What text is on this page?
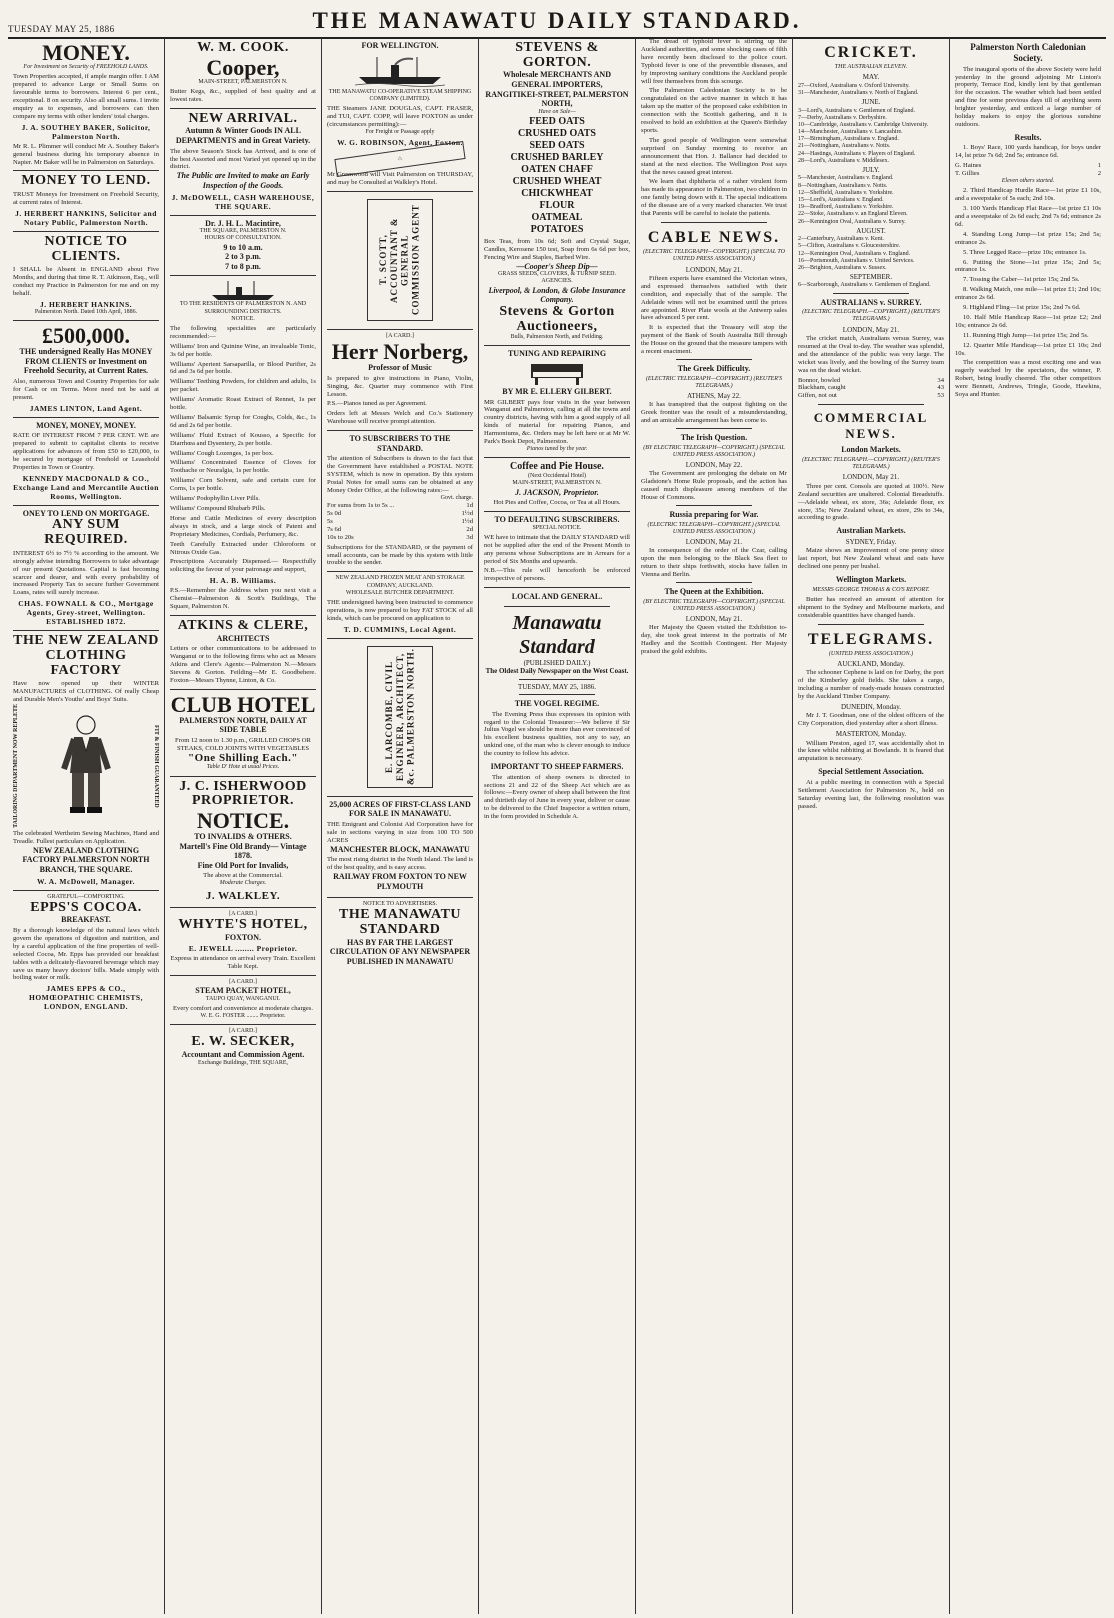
TUESDAY MAY 25, 1886	THE MANAWATU DAILY STANDARD.
MONEY.
For Investment on Security of FREEHOLD LANDS.
Town Properties accepted, if ample margin offer. I AM prepared to advance Large or Small Sums on favourable terms to borrowers. Interest 6 per cent., exceptional. 8 on security. Also all small sums. I invite enquiry as to expenses, and borrowers can then compare my terms with other lenders' total charges.
J. A. SOUTHEY BAKER, Solicitor, Palmerston North.
Mr R. L. Plimmer will conduct Mr A. Southey Baker's general business during his temporary absence in Napier. Mr Baker will be in Palmerston on Saturdays.
MONEY TO LEND.
TRUST Moneys for Investment on Freehold Security, at current rates of Interest.
J. HERBERT HANKINS, Solicitor and Notary Public, Palmerston North.
NOTICE TO CLIENTS.
I SHALL be Absent in ENGLAND about Five Months, and during that time R. T. Atkinson, Esq., will conduct my Practice in Palmerston for me and on my behalf.
J. HERBERT HANKINS.
Palmerston North. Dated 10th April, 1886.
£500,000.
THE undersigned Really Has MONEY FROM CLIENTS or Investment on Freehold Security, at Current Rates.
Also, numerous Town and Country Properties for sale for Cash or on Terms. More need not be said at present.
JAMES LINTON, Land Agent.
MONEY, MONEY, MONEY.
RATE OF INTEREST FROM 7 PER CENT. WE are prepared to submit to capitalist clients to receive applications for advances of from £50 to £20,000, to be secured by mortgage of Freehold or Leasehold Properties in Town or Country.
KENNEDY MACDONALD & CO., Exchange Land and Mercantile Auction Rooms, Wellington.
ONEY TO LEND ON MORTGAGE.
ANY SUM REQUIRED.
INTEREST 6½ to 7½ % according to the amount. We strongly advise intending Borrowers to take advantage of our present Quotations. Capital is fast becoming scarcer and dearer, and with every probability of increased Property Tax to secure further Government Loans, rates will surely increase.
CHAS. FOWNALL & CO., Mortgage Agents, Grey-street, Wellington. ESTABLISHED 1872.
THE NEW ZEALAND CLOTHING FACTORY
Have now opened up their WINTER MANUFACTURES of CLOTHING. Of really Cheap and Durable Men's Youths' and Boys' Suits.
TAILORING DEPARTMENT NOW REPLETE	FIT & FINISH GUARANTEED
The celebrated Wertheim Sewing Machines, Hand and Treadle. Fullest particulars on Application.
NEW ZEALAND CLOTHING FACTORY PALMERSTON NORTH BRANCH, THE SQUARE.
W. A. McDowell, Manager.
GRATEFUL—COMFORTING.
EPPS'S COCOA.
BREAKFAST.
By a thorough knowledge of the natural laws which govern the operations of digestion and nutrition, and by a careful application of the fine properties of well-selected Cocoa, Mr. Epps has provided our breakfast tables with a delicately-flavoured beverage which may save us many heavy doctors' bills. Made simply with boiling water or milk.
JAMES EPPS & CO., HOMŒOPATHIC CHEMISTS, LONDON, ENGLAND.
W. M. COOK.
Cooper,
MAIN-STREET, PALMERSTON N.
Butter Kegs, &c., supplied of best quality and at lowest rates.
NEW ARRIVAL.
Autumn & Winter Goods IN ALL DEPARTMENTS and in Great Variety.
The above Season's Stock has Arrived, and is one of the best Assorted and most Varied yet opened up in the district.
The Public are Invited to make an Early Inspection of the Goods.
J. McDOWELL, CASH WAREHOUSE, THE SQUARE.
Dr. J. H. L. Macintire,
THE SQUARE, PALMERSTON N.
HOURS OF CONSULTATION.
9 to 10 a.m.
2 to 3 p.m.
7 to 8 p.m.
TO THE RESIDENTS OF PALMERSTON N. AND SURROUNDING DISTRICTS.
NOTICE.
The following specialities are particularly recommended:—
Williams' Iron and Quinine Wine, an invaluable Tonic, 3s 6d per bottle.
Williams' Aperient Sarsaparilla, or Blood Purifier, 2s 6d and 3s 6d per bottle.
Williams' Teething Powders, for children and adults, 1s per packet.
Williams' Aromatic Roast Extract of Rennet, 1s per bottle.
Williams' Balsamic Syrup for Coughs, Colds, &c., 1s 6d and 2s 6d per bottle.
Williams' Fluid Extract of Kousso, a Specific for Diarrhœa and Dysentery, 2s per bottle.
Williams' Cough Lozenges, 1s per box.
Williams' Concentrated Essence of Cloves for Toothache or Neuralgia, 1s per bottle.
Williams' Corn Solvent, safe and certain cure for Corns, 1s per bottle.
Williams' Podophyllin Liver Pills.
Williams' Compound Rhubarb Pills.
Horse and Cattle Medicines of every description always in stock, and a large stock of Patent and Proprietary Medicines, Cordials, Perfumery, &c.
Teeth Carefully Extracted under Chloroform or Nitrous Oxide Gas.
Prescriptions Accurately Dispensed.— Respectfully soliciting the favour of your patronage and support,
H. A. B. Williams.
P.S.—Remember the Address when you next visit a Chemist—Palmerston & Scott's Buildings, The Square, Palmerston N.
ATKINS & CLERE,
ARCHITECTS
Letters or other communications to be addressed to Wanganui or to the following firms who act as Messrs Atkins and Clere's Agents:—Palmerston N.—Messrs Stevens & Gorton. Feilding—Mr E. Goodbehere. Foxton—Messrs Thynne, Linton, & Co.
CLUB HOTEL
PALMERSTON NORTH, DAILY AT SIDE TABLE
From 12 noon to 1.30 p.m., GRILLED CHOPS OR STEAKS, COLD JOINTS WITH VEGETABLES
"One Shilling Each."
Table D' Hote at usual Prices.
J. C. ISHERWOOD PROPRIETOR.
NOTICE.
TO INVALIDS & OTHERS.
Martell's Fine Old Brandy— Vintage 1878.
Fine Old Port for Invalids,
The above at the Commercial.
Moderate Charges.
J. WALKLEY.
[A CARD.]
WHYTE'S HOTEL,
FOXTON.
E. JEWELL ........ Proprietor.
Express in attendance on arrival every Train. Excellent Table Kept.
[A CARD.]
STEAM PACKET HOTEL,
TAUPO QUAY, WANGANUI.
Every comfort and convenience at moderate charges.
W. E. G. FOSTER ........ Proprietor.
[A CARD.]
E. W. SECKER,
Accountant and Commission Agent.
Exchange Buildings, THE SQUARE,
FOR WELLINGTON.
THE MANAWATU CO-OPERATIVE STEAM SHIPPING COMPANY (LIMITED).
THE Steamers JANE DOUGLAS, CAPT. FRASER, and TUI, CAPT. COPP, will leave FOXTON as under (circumstances permitting):—
For Freight or Passage apply
W. G. ROBINSON, Agent, Foxton.
⌂
Mr Greenwood will Visit Palmerston on THURSDAY, and may be Consulted at Walkley's Hotel.
T. SCOTT, ACCOUNTANT & GENERAL COMMISSION AGENT
[A CARD.]
Herr Norberg,
Professor of Music
Is prepared to give instructions in Piano, Violin, Singing, &c. Quarter may commence with First Lesson.
P.S.—Pianos tuned as per Agreement.
Orders left at Messrs Welch and Co.'s Stationery Warehouse will receive prompt attention.
TO SUBSCRIBERS TO THE STANDARD.
The attention of Subscribers is drawn to the fact that the Government have established a POSTAL NOTE SYSTEM, which is now in operation. By this system Postal Notes for small sums can be obtained at any Money Order Office, at the following rates:—
Govt. charge.
For sums from 1s to 5s ...	1d
5s 0d	1½d
5s	1½d
7s 6d	2d
10s to 20s	3d
Subscriptions for the STANDARD, or the payment of small accounts, can be made by this system with little trouble to the sender.
NEW ZEALAND FROZEN MEAT AND STORAGE COMPANY, AUCKLAND.
WHOLESALE BUTCHER DEPARTMENT.
THE undersigned having been instructed to commence operations, is now prepared to buy FAT STOCK of all kinds, which can be procured on application to
T. D. CUMMINS, Local Agent.
E. LARCOMBE, CIVIL ENGINEER, ARCHITECT, &c. PALMERSTON NORTH.
25,000 ACRES OF FIRST-CLASS LAND FOR SALE IN MANAWATU.
THE Emigrant and Colonist Aid Corporation have for sale in sections varying in size from 100 TO 500 ACRES
MANCHESTER BLOCK, MANAWATU
The most rising district in the North Island. The land is of the best quality, and is easy access.
RAILWAY FROM FOXTON TO NEW PLYMOUTH
NOTICE TO ADVERTISERS.
THE MANAWATU STANDARD
HAS BY FAR THE LARGEST CIRCULATION OF ANY NEWSPAPER PUBLISHED IN MANAWATU
STEVENS & GORTON.
Wholesale MERCHANTS AND GENERAL IMPORTERS,
RANGITIKEI-STREET, PALMERSTON NORTH,
Have on Sale—
FEED OATS
CRUSHED OATS
SEED OATS
CRUSHED BARLEY
OATEN CHAFF
CRUSHED WHEAT
CHICKWHEAT
FLOUR
OATMEAL
POTATOES
Box Teas, from 10s 6d; Soft and Crystal Sugar, Candles, Kerosene 150 test, Soap from 6s 6d per box, Fencing Wire and Staples, Barbed Wire.
—Cooper's Sheep Dip—
GRASS SEEDS, CLOVERS, & TURNIP SEED.
AGENCIES.
Liverpool, & London, & Globe Insurance Company.
Stevens & Gorton Auctioneers,
Bulls, Palmerston North, and Feilding.
TUNING AND REPAIRING
BY MR E. ELLERY GILBERT.
MR GILBERT pays four visits in the year between Wanganui and Palmerston, calling at all the towns and country districts, having with him a good supply of all kinds of material for repairing Pianos, and Harmoniums, &c. Orders may be left here or at Mr W. Park's Book Depot, Palmerston.
Pianos tuned by the year.
Coffee and Pie House.
(Next Occidental Hotel)
MAIN-STREET, PALMERSTON N.
J. JACKSON, Proprietor.
Hot Pies and Coffee, Cocoa, or Tea at all Hours.
TO DEFAULTING SUBSCRIBERS.
SPECIAL NOTICE.
WE have to intimate that the DAILY STANDARD will not be supplied after the end of the Present Month to any persons whose Subscriptions are in Arrears for a period of Six Months and upwards.
N.B.—This rule will henceforth be enforced irrespective of persons.
LOCAL AND GENERAL.
Manawatu Standard
(PUBLISHED DAILY.)
The Oldest Daily Newspaper on the West Coast.
TUESDAY, MAY 25, 1886.
THE VOGEL REGIME.

The Evening Press thus expresses its opinion with regard to the Colonial Treasurer:—We believe if Sir Julius Vogel we should be more than ever convinced of his excellent business qualities, not any to say, an unkind one, of the man who is clever enough to induce the country to follow his advice.

IMPORTANT TO SHEEP FARMERS.

The attention of sheep owners is directed to sections 21 and 22 of the Sheep Act which are as follows:—Every owner of sheep shall between the first and thirtieth day of June in every year, deliver or cause to be delivered to the Chief Inspector a written return, in the form provided in Schedule A.

The dread of typhoid fever is stirring up the Auckland authorities, and some shocking cases of filth have recently been disclosed to the police court. Typhoid fever is one of the preventible diseases, and by improving sanitary conditions the Auckland people will free themselves from this scourge.

The Palmerston Caledonian Society is to be congratulated on the active manner in which it has taken up the matter of the proposed cake exhibition in connection with the Scottish gathering, and it is resolved to hold an exhibition at the Queen's Birthday sports.

The good people of Wellington were somewhat surprised on Sunday morning to receive an announcement that Hon. J. Ballance had decided to stand at the next election. The Wellington Post says that the news caused great interest.

We learn that diphtheria of a rather virulent form has made its appearance in Palmerston, two children in one family being down with it. The special indications of the disease are of a very marked character. We trust that Parents will be careful to isolate the patients.

CABLE NEWS.
(ELECTRIC TELEGRAPH—COPYRIGHT.) (SPECIAL TO UNITED PRESS ASSOCIATION.)
LONDON, May 21.

Fifteen experts have examined the Victorian wines, and expressed themselves satisfied with their condition, and especially that of the sample. The Adelaide wines will not be examined until the prices are appointed. River Plate wools at the Antwerp sales have advanced 5 per cent.

It is expected that the Treasury will stop the payment of the Bank of South Australia Bill through the House on the ground that the measure tampers with a recent enactment.

The Greek Difficulty.
(ELECTRIC TELEGRAPH—COPYRIGHT.) (REUTER'S TELEGRAMS.)
ATHENS, May 22.

It has transpired that the outpost fighting on the Greek frontier was the result of a misunderstanding, and an amicable arrangement has been come to.

The Irish Question.
(BY ELECTRIC TELEGRAPH—COPYRIGHT.) (SPECIAL UNITED PRESS ASSOCIATION.)
LONDON, May 22.

The Government are prolonging the debate on Mr Gladstone's Home Rule proposals, and the action has caused much displeasure among members of the House of Commons.

Russia preparing for War.
(ELECTRIC TELEGRAPH—COPYRIGHT.) (SPECIAL UNITED PRESS ASSOCIATION.)
LONDON, May 21.

In consequence of the order of the Czar, calling upon the men belonging to the Black Sea fleet to return to their ships forthwith, stocks have fallen in Vienna and Berlin.

The Queen at the Exhibition.
(BY ELECTRIC TELEGRAPH—COPYRIGHT.) (SPECIAL UNITED PRESS ASSOCIATION.)
LONDON, May 21.

Her Majesty the Queen visited the Exhibition to-day, she took great interest in the portraits of Mr Hadley and the Scottish Contingent. Her Majesty praised the gold exhibits.

CRICKET.
THE AUSTRALIAN ELEVEN.
MAY.
27—Oxford, Australians v. Oxford University.
31—Manchester, Australians v. North of England.
JUNE.
3—Lord's, Australians v. Gentlemen of England.
7—Derby, Australians v. Derbyshire.
10—Cambridge, Australians v. Cambridge University.
14—Manchester, Australians v. Lancashire.
17—Birmingham, Australians v. England.
21—Nottingham, Australians v. Notts.
24—Hastings, Australians v. Players of England.
28—Lord's, Australians v. Middlesex.
JULY.
5—Manchester, Australians v. England.
8—Nottingham, Australians v. Notts.
12—Sheffield, Australians v. Yorkshire.
15—Lord's, Australians v. England.
19—Bradford, Australians v. Yorkshire.
22—Stoke, Australians v. an England Eleven.
26—Kennington Oval, Australians v. Surrey.
AUGUST.
2—Canterbury, Australians v. Kent.
5—Clifton, Australians v. Gloucestershire.
12—Kennington Oval, Australians v. England.
16—Portsmouth, Australians v. United Services.
26—Brighton, Australians v. Sussex.
SEPTEMBER.
6—Scarborough, Australians v. Gentlemen of England.
AUSTRALIANS v. SURREY.
(ELECTRIC TELEGRAPH.—COPYRIGHT.) (REUTER'S TELEGRAMS.)
LONDON, May 21.

The cricket match, Australians versus Surrey, was resumed at the Oval to-day. The weather was splendid, and the attendance of the public was very large. The wicket was lively, and the bowling of the Surrey team was on the dead wicket.

Bonnor, bowled	34
Blackham, caught	43
Giffen, not out	53
COMMERCIAL NEWS.
London Markets.
(ELECTRIC TELEGRAPH.—COPYRIGHT.) (REUTER'S TELEGRAMS.)
LONDON, May 21.

Three per cent. Consols are quoted at 100½. New Zealand securities are unaltered. Colonial Breadstuffs.—Adelaide wheat, ex store, 36s; Adelaide flour, ex store, 35s; New Zealand wheat, ex store, 29s to 34s, according to grade.

Australian Markets.
SYDNEY, Friday.

Maize shows an improvement of one penny since last report, but New Zealand wheat and oats have declined one penny per bushel.

Wellington Markets.
MESSRS GEORGE THOMAS & CO'S REPORT.

Butter has received an amount of attention for shipment to the Sydney and Melbourne markets, and considerable quantities have changed hands.

TELEGRAMS.
(UNITED PRESS ASSOCIATION.)
AUCKLAND, Monday.

The schooner Cephene is laid on for Darby, the port of the Kimberley gold fields. She takes a cargo, including a number of ready-made houses constructed by the Auckland Timber Company.

DUNEDIN, Monday.

Mr J. T. Goodman, one of the oldest officers of the City Corporation, died yesterday after a short illness.

MASTERTON, Monday.

William Preston, aged 17, was accidentally shot in the knee whilst rabbiting at Bowlands. It is feared that amputation is necessary.

Special Settlement Association.

At a public meeting in connection with a Special Settlement Association for Palmerston N., held on Saturday evening last, the following resolution was passed.

Palmerston North Caledonian Society.

The inaugural sports of the above Society were held yesterday in the ground adjoining Mr Linton's property, Terrace End, kindly lent by that gentleman for the occasion. The weather which had been settled and fine for some previous days till of anything seem brighter yesterday, and enticed a large number of holiday makers to enjoy the glorious sunshine outdoors.

Results.

1. Boys' Race, 100 yards handicap, for boys under 14, lst prize 7s 6d; 2nd 5s; entrance 6d.

G. Haines	1
T. Gillies	2
Eleven others started.

2. Third Handicap Hurdle Race—1st prize £1 10s, and a sweepstake of 5s each; 2nd 10s.

3. 100 Yards Handicap Flat Race—1st prize £1 10s and a sweepstake of 2s 6d each; 2nd 7s 6d; entrance 2s 6d.

4. Standing Long Jump—1st prize 15s; 2nd 5s; entrance 2s.

5. Three Legged Race—prize 10s; entrance 1s.

6. Putting the Stone—1st prize 15s; 2nd 5s; entrance 1s.

7. Tossing the Caber—1st prize 15s; 2nd 5s.

8. Walking Match, one mile—1st prize £1; 2nd 10s; entrance 2s 6d.

9. Highland Fling—1st prize 15s; 2nd 7s 6d.

10. Half Mile Handicap Race—1st prize £2; 2nd 10s; entrance 2s 6d.

11. Running High Jump—1st prize 15s; 2nd 5s.

12. Quarter Mile Handicap—1st prize £1 10s; 2nd 10s.

The competition was a most exciting one and was eagerly watched by the spectators, the winner, P. Robert, being loudly cheered. The other competitors were Bennett, Andrews, Tringle, Goode, Hawkins, Soya and Hunter.
